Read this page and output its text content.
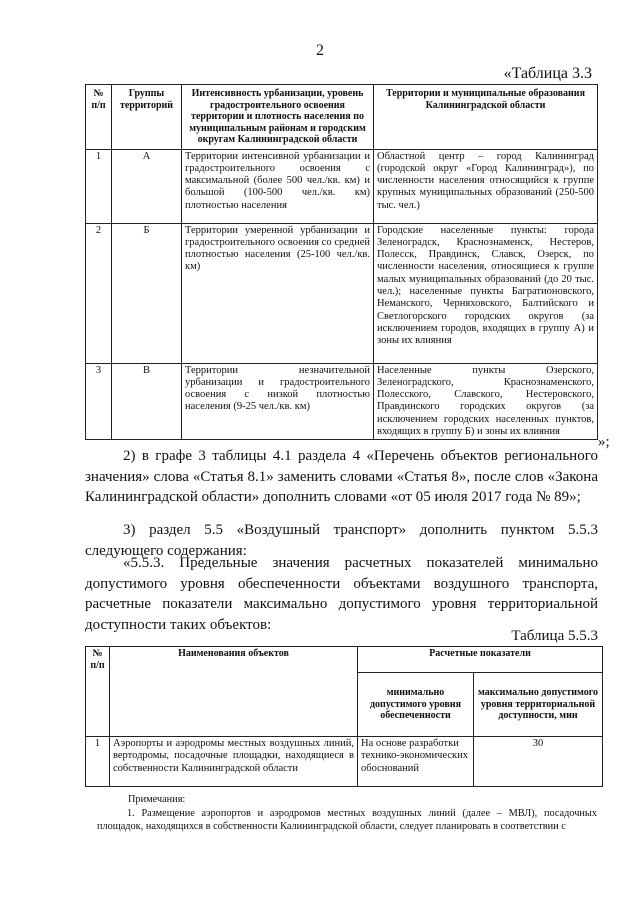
2
«Таблица 3.3
№ п/п	Группы территорий	Интенсивность урбанизации, уровень градостроительного освоения территории и плотность населения по муниципальным районам и городским округам Калининградской области	Территории и муниципальные образования Калининградской области
1	А	Территории интенсивной урбанизации и градостроительного освоения с максимальной (более 500 чел./кв. км) и большой (100-500 чел./кв. км) плотностью населения	Областной центр – город Калининград (городской округ «Город Калининград»), по численности населения относящийся к группе крупных муниципальных образований (250-500 тыс. чел.)
2	Б	Территории умеренной урбанизации и градостроительного освоения со средней плотностью населения (25-100 чел./кв. км)	Городские населенные пункты: города Зеленоградск, Краснознаменск, Нестеров, Полесск, Правдинск, Славск, Озерск, по численности населения, относящиеся к группе малых муниципальных образований (до 20 тыс. чел.); населенные пункты Багратионовского, Неманского, Черняховского, Балтийского и Светлогорского городских округов (за исключением городов, входящих в группу А) и зоны их влияния
3	В	Территории незначительной урбанизации и градостроительного освоения с низкой плотностью населения (9-25 чел./кв. км)	Населенные пункты Озерского, Зеленоградского, Краснознаменского, Полесского, Славского, Нестеровского, Правдинского городских округов (за исключением городских населенных пунктов, входящих в группу Б) и зоны их влияния
»;
2) в графе 3 таблицы 4.1 раздела 4 «Перечень объектов регионального значения» слова «Статья 8.1» заменить словами «Статья 8», после слов «Закона Калининградской области» дополнить словами «от 05 июля 2017 года № 89»;
3) раздел 5.5 «Воздушный транспорт» дополнить пунктом 5.5.3 следующего содержания:
«5.5.3. Предельные значения расчетных показателей минимально допустимого уровня обеспеченности объектами воздушного транспорта, расчетные показатели максимально допустимого уровня территориальной доступности таких объектов:
Таблица 5.5.3
№ п/п	Наименования объектов	Расчетные показатели	
		минимально допустимого уровня обеспеченности	максимально допустимого уровня территориальной доступности, мин
1	Аэропорты и аэродромы местных воздушных линий, вертодромы, посадочные площадки, находящиеся в собственности Калининградской области	На основе разработки технико-экономических обоснований	30
Примечания:
1. Размещение аэропортов и аэродромов местных воздушных линий (далее – МВЛ), посадочных площадок, находящихся в собственности Калининградской области, следует планировать в соответствии с
